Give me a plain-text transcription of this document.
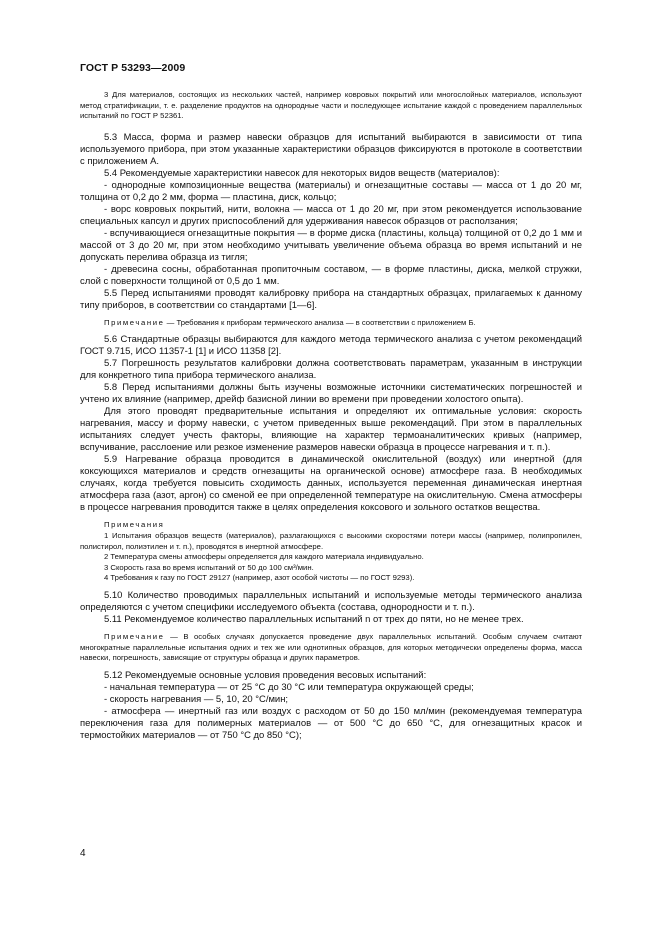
ГОСТ Р 53293—2009

3 Для материалов, состоящих из нескольких частей, например ковровых покрытий или многослойных материалов, используют метод стратификации, т. е. разделение продуктов на однородные части и последующее испытание каждой с проведением параллельных испытаний по ГОСТ Р 52361.

5.3 Масса, форма и размер навески образцов для испытаний выбираются в зависимости от типа используемого прибора, при этом указанные характеристики образцов фиксируются в протоколе в соответствии с приложением А.

5.4 Рекомендуемые характеристики навесок для некоторых видов веществ (материалов):

- однородные композиционные вещества (материалы) и огнезащитные составы — масса от 1 до 20 мг, толщина от 0,2 до 2 мм, форма — пластина, диск, кольцо;

- ворс ковровых покрытий, нити, волокна — масса от 1 до 20 мг, при этом рекомендуется использование специальных капсул и других приспособлений для удерживания навесок образцов от расползания;

- вспучивающиеся огнезащитные покрытия — в форме диска (пластины, кольца) толщиной от 0,2 до 1 мм и массой от 3 до 20 мг, при этом необходимо учитывать увеличение объема образца во время испытаний и не допускать перелива образца из тигля;

- древесина сосны, обработанная пропиточным составом, — в форме пластины, диска, мелкой стружки, слой с поверхности толщиной от 0,5 до 1 мм.

5.5 Перед испытаниями проводят калибровку прибора на стандартных образцах, прилагаемых к данному типу приборов, в соответствии со стандартами [1—6].

Примечание — Требования к приборам термического анализа — в соответствии с приложением Б.

5.6 Стандартные образцы выбираются для каждого метода термического анализа с учетом рекомендаций ГОСТ 9.715, ИСО 11357-1 [1] и ИСО 11358 [2].

5.7 Погрешность результатов калибровки должна соответствовать параметрам, указанным в инструкции для конкретного типа прибора термического анализа.

5.8 Перед испытаниями должны быть изучены возможные источники систематических погрешностей и учтено их влияние (например, дрейф базисной линии во времени при проведении холостого опыта).

Для этого проводят предварительные испытания и определяют их оптимальные условия: скорость нагревания, массу и форму навески, с учетом приведенных выше рекомендаций. При этом в параллельных испытаниях следует учесть факторы, влияющие на характер термоаналитических кривых (например, вспучивание, расслоение или резкое изменение размеров навески образца в процессе нагревания и т. п.).

5.9 Нагревание образца проводится в динамической окислительной (воздух) или инертной (для коксующихся материалов и средств огнезащиты на органической основе) атмосфере газа. В необходимых случаях, когда требуется повысить сходимость данных, используется переменная динамическая инертная атмосфера газа (азот, аргон) со сменой ее при определенной температуре на окислительную. Смена атмосферы в процессе нагревания проводится также в целях определения коксового и зольного остатков вещества.

Примечания

1 Испытания образцов веществ (материалов), разлагающихся с высокими скоростями потери массы (например, полипропилен, полистирол, полиэтилен и т. п.), проводятся в инертной атмосфере.

2 Температура смены атмосферы определяется для каждого материала индивидуально.

3 Скорость газа во время испытаний от 50 до 100 см³/мин.

4 Требования к газу по ГОСТ 29127 (например, азот особой чистоты — по ГОСТ 9293).

5.10 Количество проводимых параллельных испытаний и используемые методы термического анализа определяются с учетом специфики исследуемого объекта (состава, однородности и т. п.).

5.11 Рекомендуемое количество параллельных испытаний n от трех до пяти, но не менее трех.

Примечание — В особых случаях допускается проведение двух параллельных испытаний. Особым случаем считают многократные параллельные испытания одних и тех же или однотипных образцов, для которых методически определены форма, масса навески, погрешность, зависящие от структуры образца и других параметров.

5.12 Рекомендуемые основные условия проведения весовых испытаний:

- начальная температура — от 25 °С до 30 °С или температура окружающей среды;

- скорость нагревания — 5, 10, 20 °С/мин;

- атмосфера — инертный газ или воздух с расходом от 50 до 150 мл/мин (рекомендуемая температура переключения газа для полимерных материалов — от 500 °С до 650 °С, для огнезащитных красок и термостойких материалов — от 750 °С до 850 °С);

4
